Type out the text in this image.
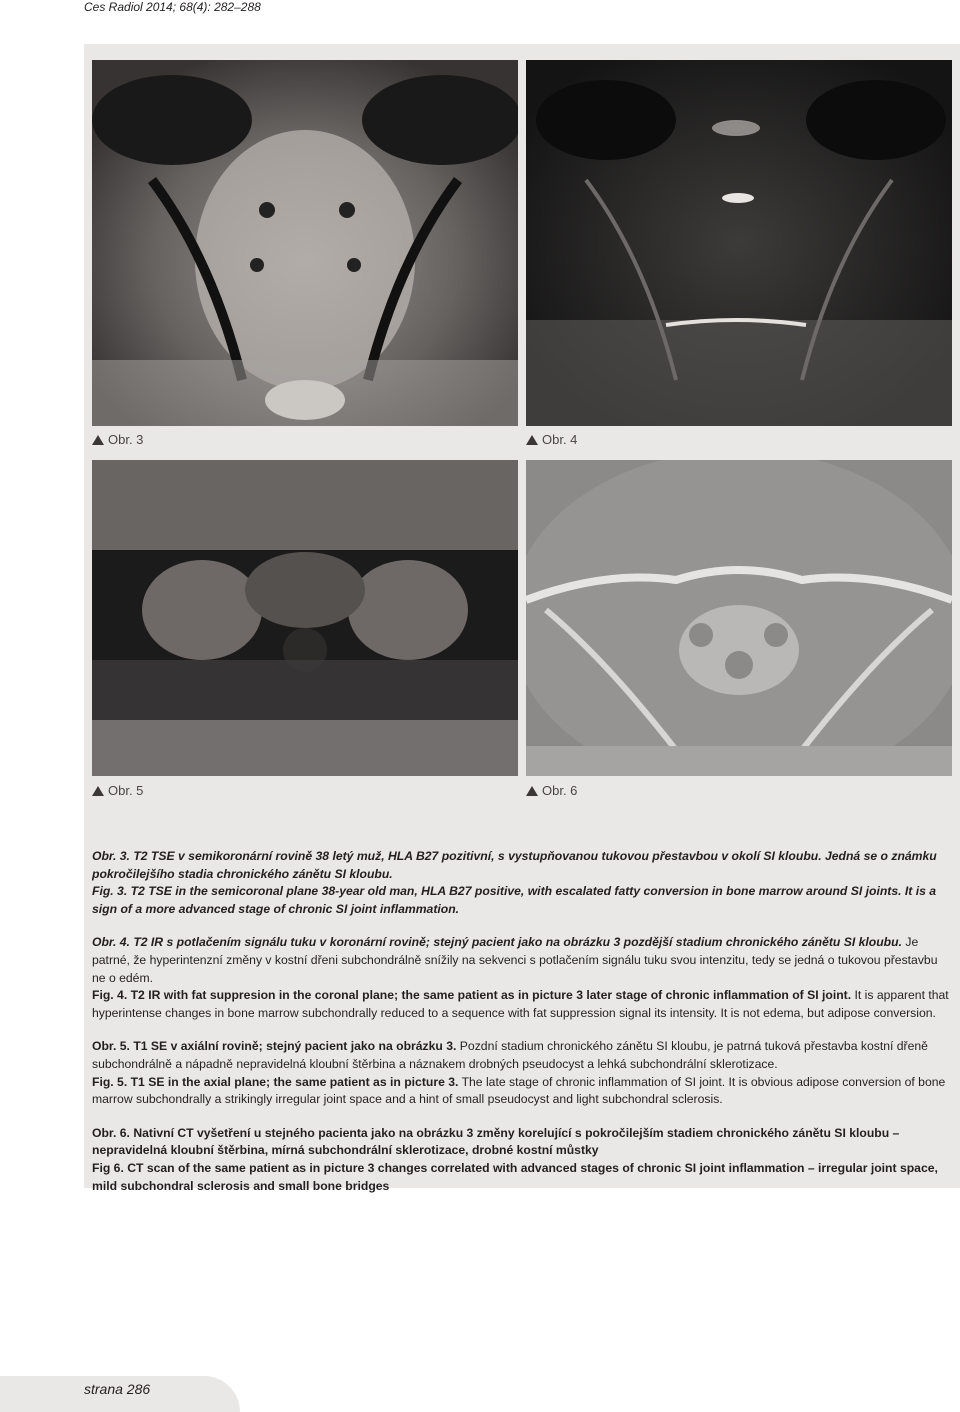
Ces Radiol 2014; 68(4): 282–288
Obr. 3	Obr. 4
Obr. 5	Obr. 6

Obr. 3. T2 TSE v semikoronární rovině 38 letý muž, HLA B27 pozitivní, s vystupňovanou tukovou přestavbou v okolí SI kloubu. Jedná se o známku pokročilejšího stadia chronického zánětu SI kloubu.

Fig. 3. T2 TSE in the semicoronal plane 38-year old man, HLA B27 positive, with escalated fatty conversion in bone marrow around SI joints. It is a sign of a more advanced stage of chronic SI joint inflammation.

Obr. 4. T2 IR s potlačením signálu tuku v koronární rovině; stejný pacient jako na obrázku 3 pozdější stadium chronického zánětu SI kloubu. Je patrné, že hyperintenzní změny v kostní dřeni subchondrálně snížily na sekvenci s potlačením signálu tuku svou intenzitu, tedy se jedná o tukovou přestavbu ne o edém.

Fig. 4. T2 IR with fat suppresion in the coronal plane; the same patient as in picture 3 later stage of chronic inflammation of SI joint. It is apparent that hyperintense changes in bone marrow subchondrally reduced to a sequence with fat suppression signal its intensity. It is not edema, but adipose conversion.

Obr. 5. T1 SE v axiální rovině; stejný pacient jako na obrázku 3. Pozdní stadium chronického zánětu SI kloubu, je patrná tuková přestavba kostní dřeně subchondrálně a nápadně nepravidelná kloubní štěrbina a náznakem drobných pseudocyst a lehká subchondrální sklerotizace.

Fig. 5. T1 SE in the axial plane; the same patient as in picture 3. The late stage of chronic inflammation of SI joint. It is obvious adipose conversion of bone marrow subchondrally a strikingly irregular joint space and a hint of small pseudocyst and light subchondral sclerosis.

Obr. 6. Nativní CT vyšetření u stejného pacienta jako na obrázku 3 změny korelující s pokročilejším stadiem chronického zánětu SI kloubu – nepravidelná kloubní štěrbina, mírná subchondrální sklerotizace, drobné kostní můstky

Fig 6. CT scan of the same patient as in picture 3 changes correlated with advanced stages of chronic SI joint inflammation – irregular joint space, mild subchondral sclerosis and small bone bridges

strana 286
